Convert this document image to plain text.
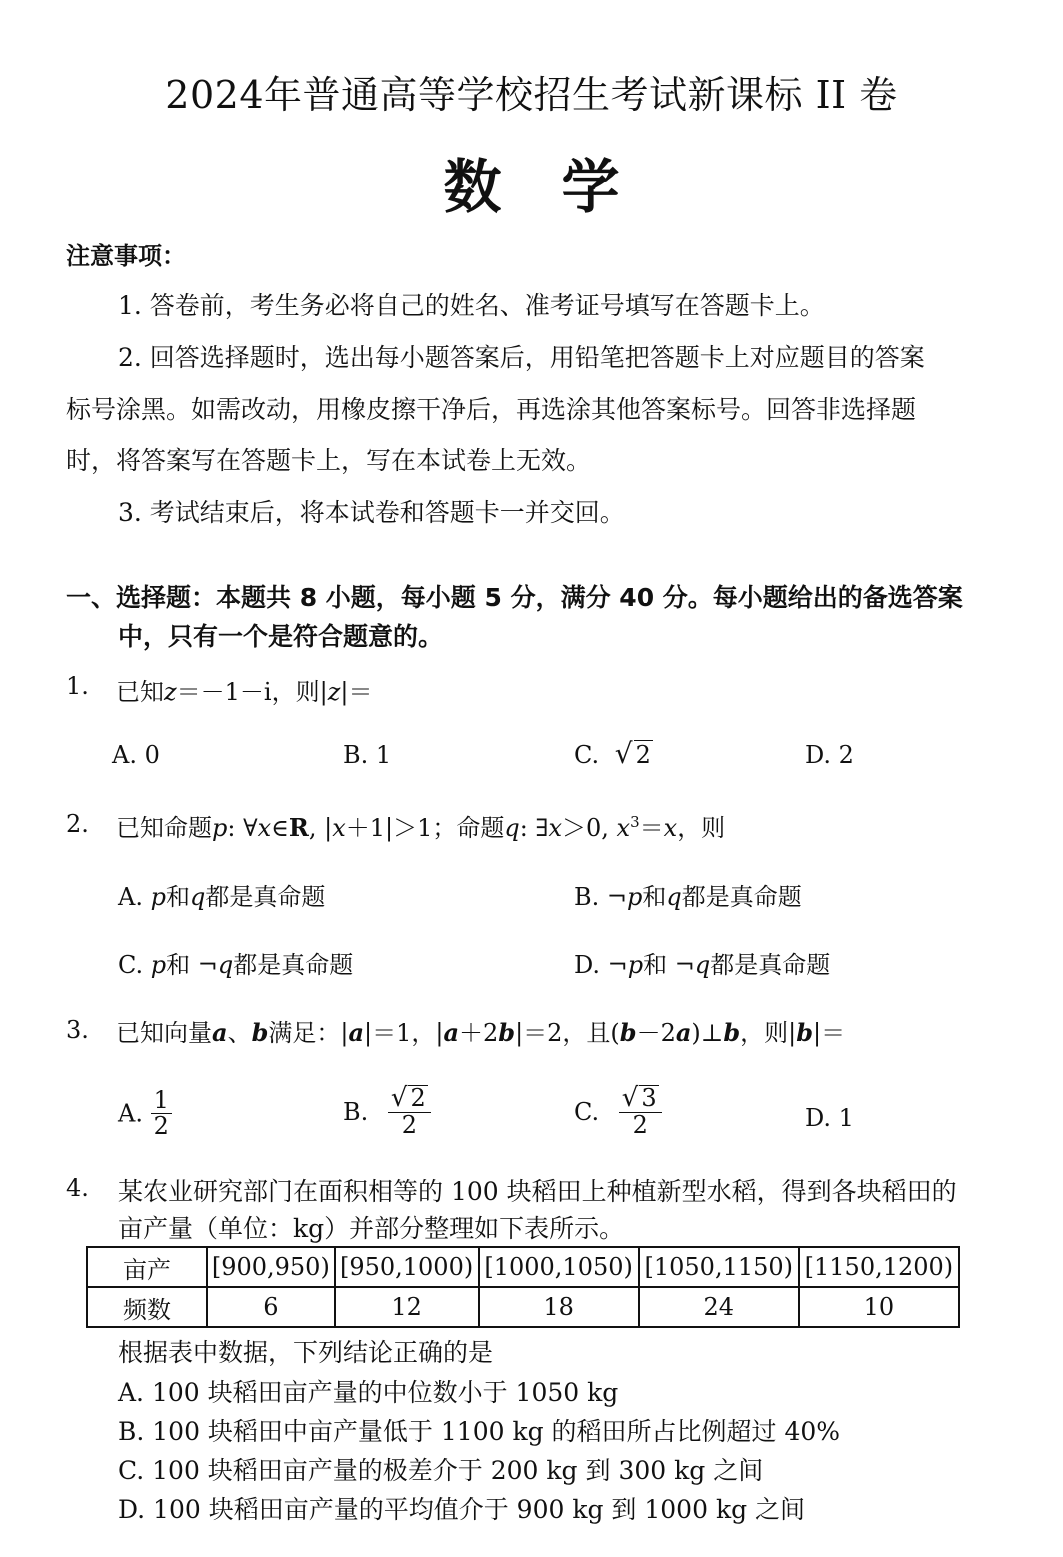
2024年普通高等学校招生考试新课标 II 卷
数学
注意事项：
1. 答卷前，考生务必将自己的姓名、准考证号填写在答题卡上。
2. 回答选择题时，选出每小题答案后，用铅笔把答题卡上对应题目的答案
标号涂黑。如需改动，用橡皮擦干净后，再选涂其他答案标号。回答非选择题
时，将答案写在答题卡上，写在本试卷上无效。
3. 考试结束后，将本试卷和答题卡一并交回。
一、选择题：本题共 8 小题，每小题 5 分，满分 40 分。每小题给出的备选答案
中，只有一个是符合题意的。
1. 已知z＝－1－i，则|z|＝
A. 0	B. 1	C. √ 2	D. 2
2. 已知命题p: ∀x∈R, |x＋1|＞1；命题q: ∃x＞0, $x^3=x$，则
A. p和q都是真命题	B. ¬p和q都是真命题
C. p和 ¬q都是真命题	D. ¬p和 ¬q都是真命题
3. 已知向量a、b满足：|a|＝1，|a＋2b|＝2，且(b－2a)⊥b，则|b|＝
A. $\frac{1}{2}$	B. $\frac{√ 2}{2}$	C. $\frac{√ 3}{2}$	D. 1
4. 某农业研究部门在面积相等的 100 块稻田上种植新型水稻，得到各块稻田的
亩产量（单位：kg）并部分整理如下表所示。
亩产	[900,950)	[950,1000)	[1000,1050)	[1050,1150)	[1150,1200)
频数	6	12	18	24	10
根据表中数据，下列结论正确的是
A. 100 块稻田亩产量的中位数小于 1050 kg
B. 100 块稻田中亩产量低于 1100 kg 的稻田所占比例超过 40%
C. 100 块稻田亩产量的极差介于 200 kg 到 300 kg 之间
D. 100 块稻田亩产量的平均值介于 900 kg 到 1000 kg 之间
